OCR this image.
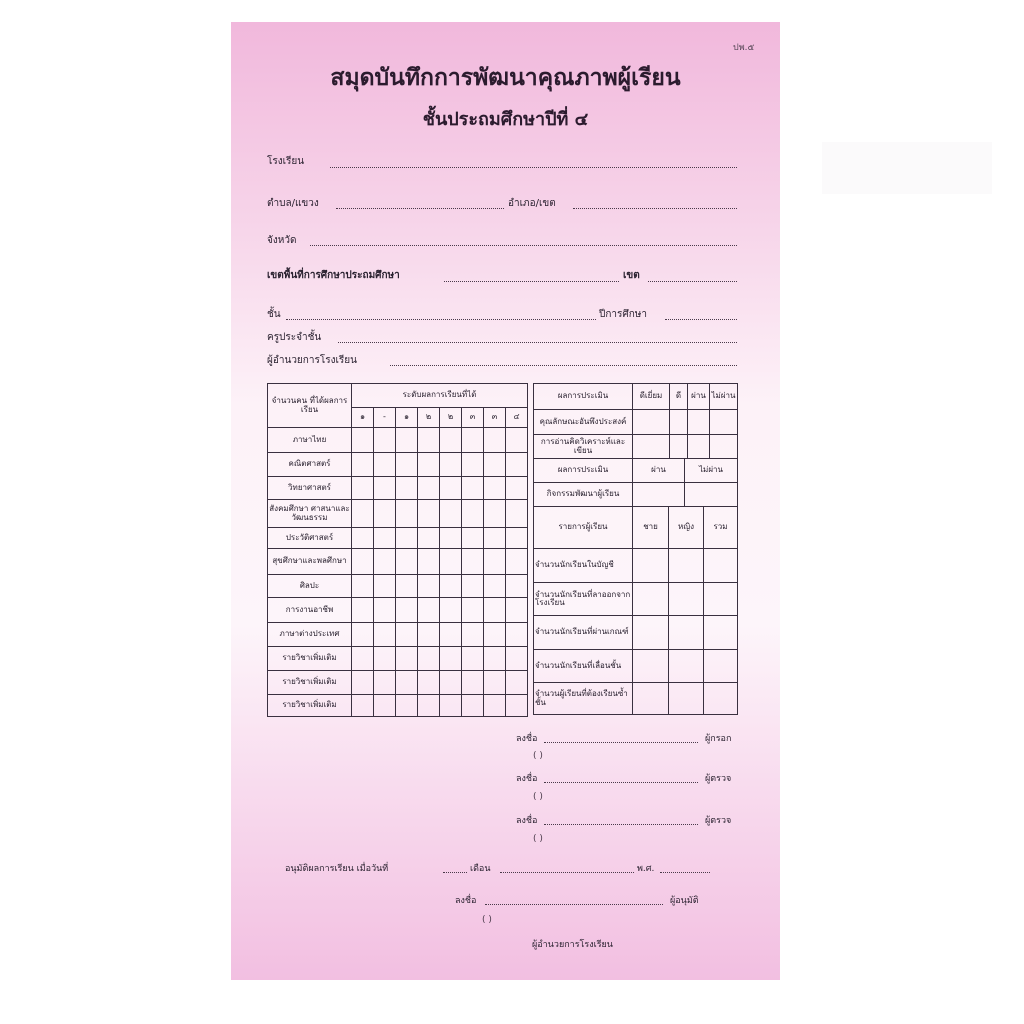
ปพ.๕
สมุดบันทึกการพัฒนาคุณภาพผู้เรียน
ชั้นประถมศึกษาปีที่ ๔
โรงเรียน
ตำบล/แขวง	อำเภอ/เขต
จังหวัด
เขตพื้นที่การศึกษาประถมศึกษา	เขต
ชั้น	ปีการศึกษา
ครูประจำชั้น
ผู้อำนวยการโรงเรียน
จำนวนคน ที่ได้ผลการเรียน	ระดับผลการเรียนที่ได้							
	๑	-	๑	๒	๒	๓	๓	๔
ภาษาไทย								
คณิตศาสตร์								
วิทยาศาสตร์								
สังคมศึกษา ศาสนาและวัฒนธรรม								
ประวัติศาสตร์								
สุขศึกษาและพลศึกษา								
ศิลปะ								
การงานอาชีพ								
ภาษาต่างประเทศ								
รายวิชาเพิ่มเติม								
รายวิชาเพิ่มเติม								
รายวิชาเพิ่มเติม								
ผลการประเมิน	ดีเยี่ยม	ดี	ผ่าน	ไม่ผ่าน
คุณลักษณะอันพึงประสงค์				
การอ่านคิดวิเคราะห์และเขียน				
ผลการประเมิน	ผ่าน	ไม่ผ่าน
กิจกรรมพัฒนาผู้เรียน		
รายการผู้เรียน	ชาย	หญิง	รวม
จำนวนนักเรียนในบัญชี			
จำนวนนักเรียนที่ลาออกจากโรงเรียน			
จำนวนนักเรียนที่ผ่านเกณฑ์			
จำนวนนักเรียนที่เลื่อนชั้น			
จำนวนผู้เรียนที่ต้องเรียนซ้ำชั้น			
ลงชื่อ	ผู้กรอก
( )
ลงชื่อ	ผู้ตรวจ
( )
ลงชื่อ	ผู้ตรวจ
( )
อนุมัติผลการเรียน เมื่อวันที่	เดือน	พ.ศ.
ลงชื่อ	ผู้อนุมัติ
( )
ผู้อำนวยการโรงเรียน
